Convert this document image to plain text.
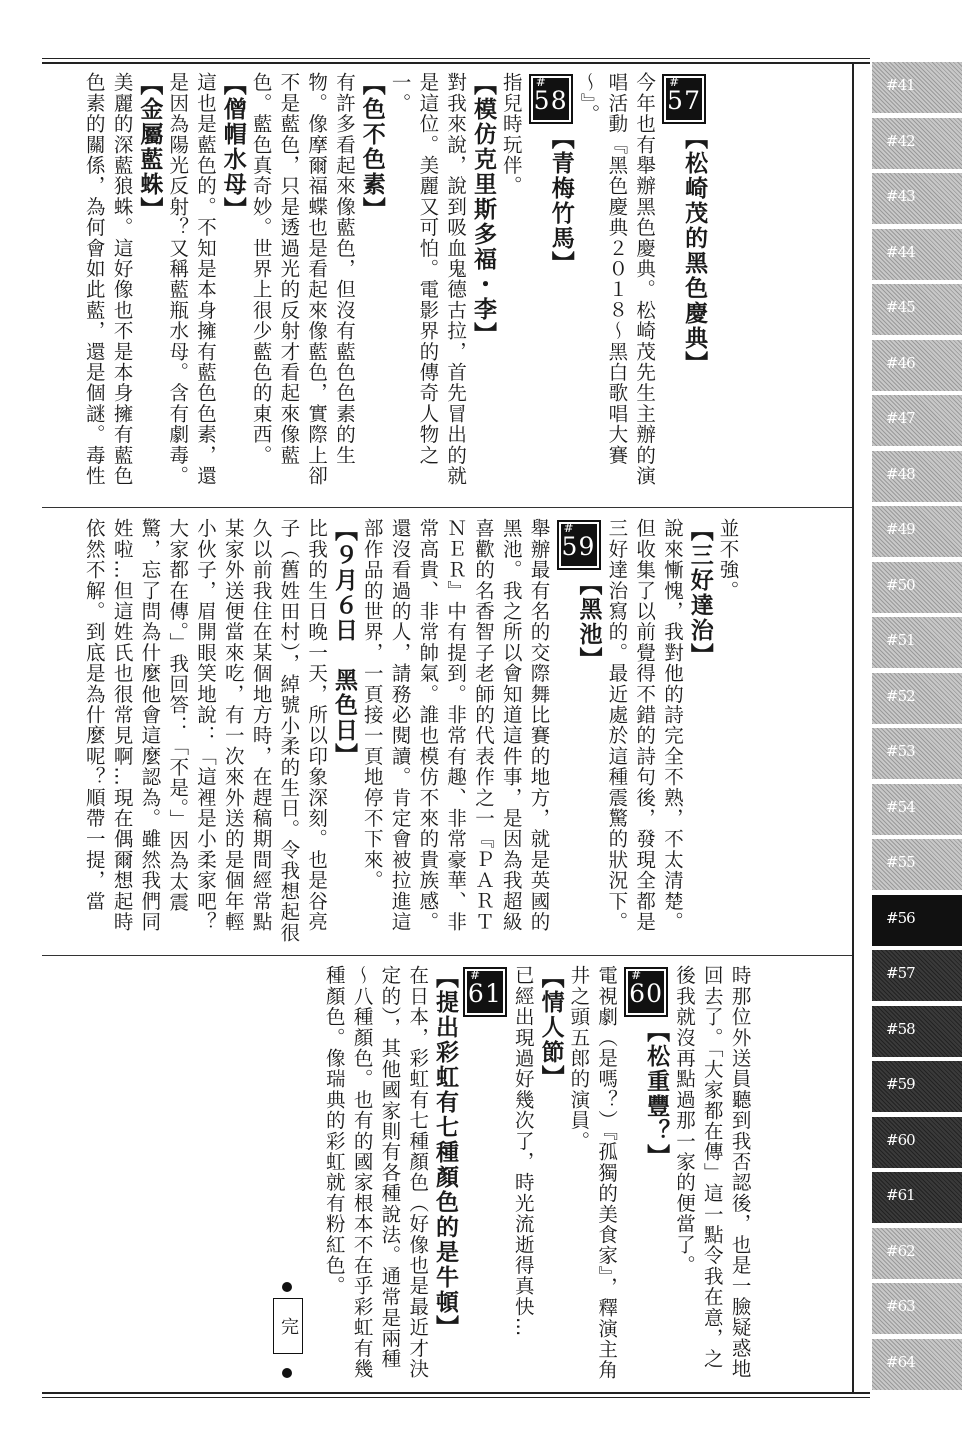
#
57【松崎茂的黑色慶典】

今年也有舉辦黑色慶典。松崎茂先生主辦的演唱活動『黑色慶典２０１８～黑白歌唱大賽～』。

#
58【青梅竹馬】

指兒時玩伴。

【模仿克里斯多福・李】

對我來說，說到吸血鬼德古拉，首先冒出的就是這位。美麗又可怕。電影界的傳奇人物之一。

【色不色素】

有許多看起來像藍色，但沒有藍色色素的生物。像摩爾福蝶也是看起來像藍色，實際上卻不是藍色，只是透過光的反射才看起來像藍色。藍色真奇妙。世界上很少藍色的東西。

【僧帽水母】

這也是藍色的。不知是本身擁有藍色色素，還是因為陽光反射？又稱藍瓶水母。含有劇毒。

【金屬藍蛛】

美麗的深藍狼蛛。這好像也不是本身擁有藍色色素的關係，為何會如此藍，還是個謎。毒性

並不強。

【三好達治】

說來慚愧，我對他的詩完全不熟，不太清楚。但收集了以前覺得不錯的詩句後，發現全都是三好達治寫的。最近處於這種震驚的狀況下。

#
59【黑池】

舉辦最有名的交際舞比賽的地方，就是英國的黑池。我之所以會知道這件事，是因為我超級喜歡的名香智子老師的代表作之一『ＰＡＲＴＮＥＲ』中有提到。非常有趣、非常豪華、非常高貴、非常帥氣。誰也模仿不來的貴族感。還沒看過的人，請務必閱讀。肯定會被拉進這部作品的世界，一頁接一頁地停不下來。

【９月６日　黑色日】

比我的生日晚一天，所以印象深刻。也是谷亮子（舊姓田村），綽號小柔的生日。令我想起很久以前我住在某個地方時，在趕稿期間經常點某家外送便當來吃，有一次來外送的是個年輕小伙子，眉開眼笑地說：「這裡是小柔家吧？大家都在傳。」我回答：「不是。」因為太震驚，忘了問為什麼他會這麼認為。雖然我們同姓啦…但這姓氏也很常見啊…現在偶爾想起時依然不解。到底是為什麼呢？順帶一提，當

時那位外送員聽到我否認後，也是一臉疑惑地回去了。「大家都在傳」這一點令我在意，之後我就沒再點過那一家的便當了。

#
60【松重豐？】

電視劇（是嗎？）『孤獨的美食家』，釋演主角井之頭五郎的演員。

【情人節】

已經出現過好幾次了，時光流逝得真快…

#
61【提出彩虹有七種顏色的是牛頓】

在日本，彩虹有七種顏色（好像也是最近才決定的），其他國家則有各種說法。通常是兩種～八種顏色。也有的國家根本不在乎彩虹有幾種顏色。像瑞典的彩虹就有粉紅色。

完
#41
#42
#43
#44
#45
#46
#47
#48
#49
#50
#51
#52
#53
#54
#55
#56
#57
#58
#59
#60
#61
#62
#63
#64
